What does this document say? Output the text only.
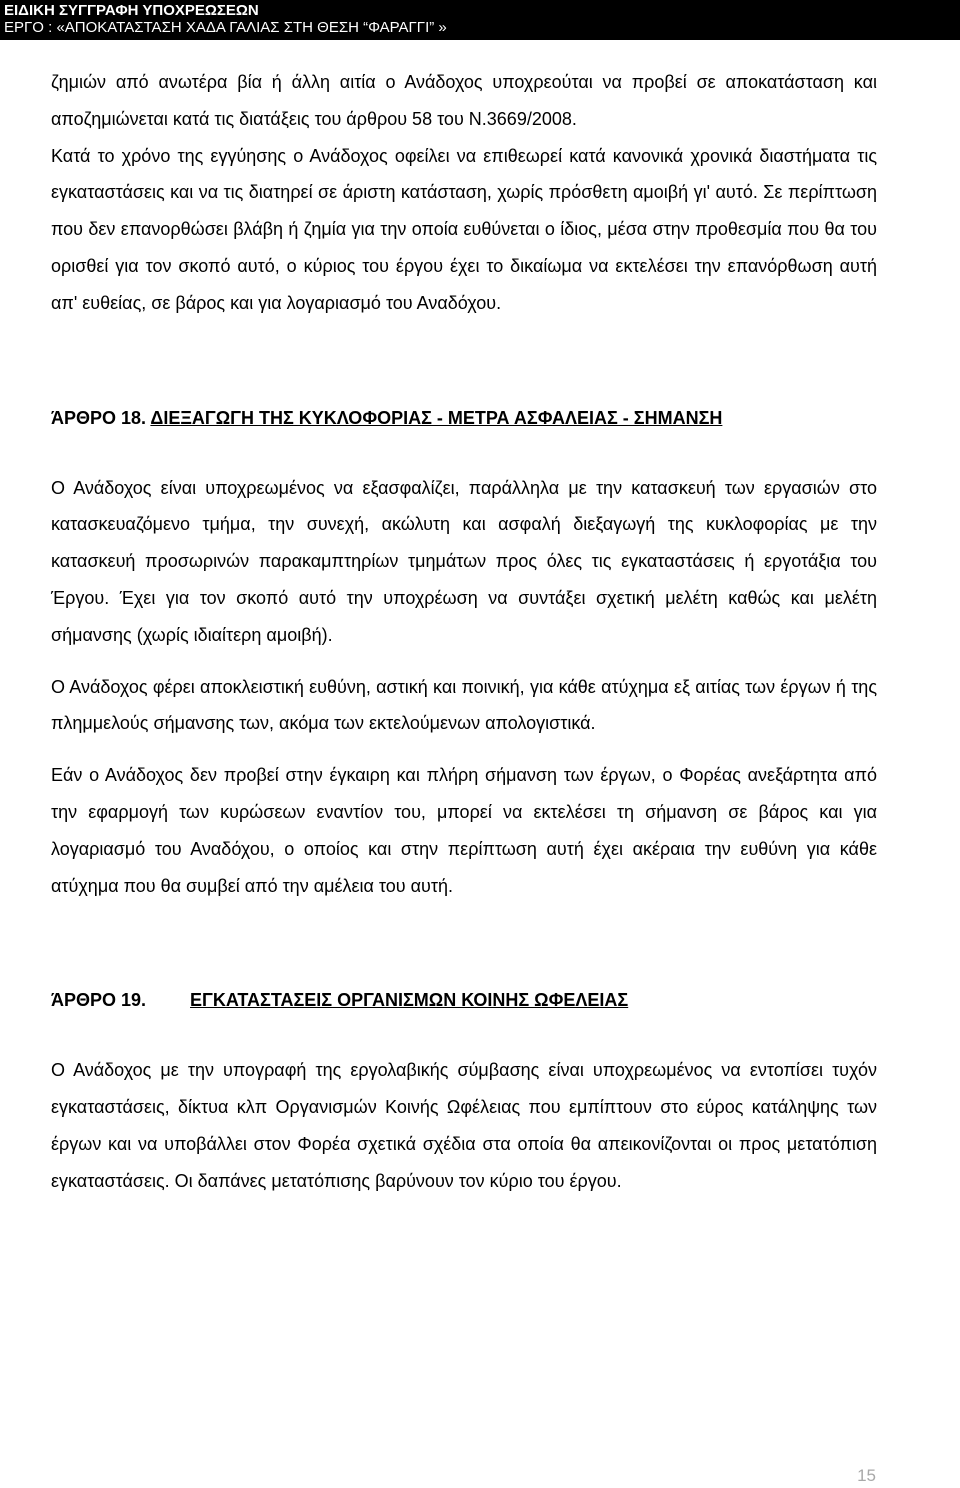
ΕΙΔΙΚΗ ΣΥΓΓΡΑΦΗ ΥΠΟΧΡΕΩΣΕΩΝ
ΕΡΓΟ : «ΑΠΟΚΑΤΑΣΤΑΣΗ ΧΑΔΑ ΓΑΛΙΑΣ ΣΤΗ ΘΕΣΗ “ΦΑΡΑΓΓΙ” »

ζημιών από ανωτέρα βία ή άλλη αιτία ο Ανάδοχος υποχρεούται να προβεί σε αποκατάσταση και αποζημιώνεται κατά τις διατάξεις του άρθρου 58 του Ν.3669/2008.

Κατά το χρόνο της εγγύησης ο Ανάδοχος οφείλει να επιθεωρεί κατά κανονικά χρονικά διαστήματα τις εγκαταστάσεις και να τις διατηρεί σε άριστη κατάσταση, χωρίς πρόσθετη αμοιβή γι' αυτό. Σε περίπτωση που δεν επανορθώσει βλάβη ή ζημία για την οποία ευθύνεται ο ίδιος, μέσα στην προθεσμία που θα του ορισθεί για τον σκοπό αυτό, ο κύριος του έργου έχει το δικαίωμα να εκτελέσει την επανόρθωση αυτή απ' ευθείας, σε βάρος και για λογαριασμό του Αναδόχου.

ΆΡΘΡΟ 18. ΔΙΕΞΑΓΩΓΗ ΤΗΣ ΚΥΚΛΟΦΟΡΙΑΣ - ΜΕΤΡΑ ΑΣΦΑΛΕΙΑΣ - ΣΗΜΑΝΣΗ

Ο Ανάδοχος είναι υποχρεωμένος να εξασφαλίζει, παράλληλα με την κατασκευή των εργασιών στο κατασκευαζόμενο τμήμα, την συνεχή, ακώλυτη και ασφαλή διεξαγωγή της κυκλοφορίας με την κατασκευή προσωρινών παρακαμπτηρίων τμημάτων προς όλες τις εγκαταστάσεις ή εργοτάξια του Έργου. Έχει για τον σκοπό αυτό την υποχρέωση να συντάξει σχετική μελέτη καθώς και μελέτη σήμανσης (χωρίς ιδιαίτερη αμοιβή).

Ο Ανάδοχος φέρει αποκλειστική ευθύνη, αστική και ποινική, για κάθε ατύχημα εξ αιτίας των έργων ή της πλημμελούς σήμανσης των, ακόμα των εκτελούμενων απολογιστικά.

Εάν ο Ανάδοχος δεν προβεί στην έγκαιρη και πλήρη σήμανση των έργων, ο Φορέας ανεξάρτητα από την εφαρμογή των κυρώσεων εναντίον του, μπορεί να εκτελέσει τη σήμανση σε βάρος και για λογαριασμό του Αναδόχου, ο οποίος και στην περίπτωση αυτή έχει ακέραια την ευθύνη για κάθε ατύχημα που θα συμβεί από την αμέλεια του αυτή.

ΆΡΘΡΟ 19. ΕΓΚΑΤΑΣΤΑΣΕΙΣ ΟΡΓΑΝΙΣΜΩΝ ΚΟΙΝΗΣ ΩΦΕΛΕΙΑΣ

Ο Ανάδοχος με την υπογραφή της εργολαβικής σύμβασης είναι υποχρεωμένος να εντοπίσει τυχόν εγκαταστάσεις, δίκτυα κλπ Οργανισμών Κοινής Ωφέλειας που εμπίπτουν στο εύρος κατάληψης των έργων και να υποβάλλει στον Φορέα σχετικά σχέδια στα οποία θα απεικονίζονται οι προς μετατόπιση εγκαταστάσεις. Οι δαπάνες μετατόπισης βαρύνουν τον κύριο του έργου.

15
